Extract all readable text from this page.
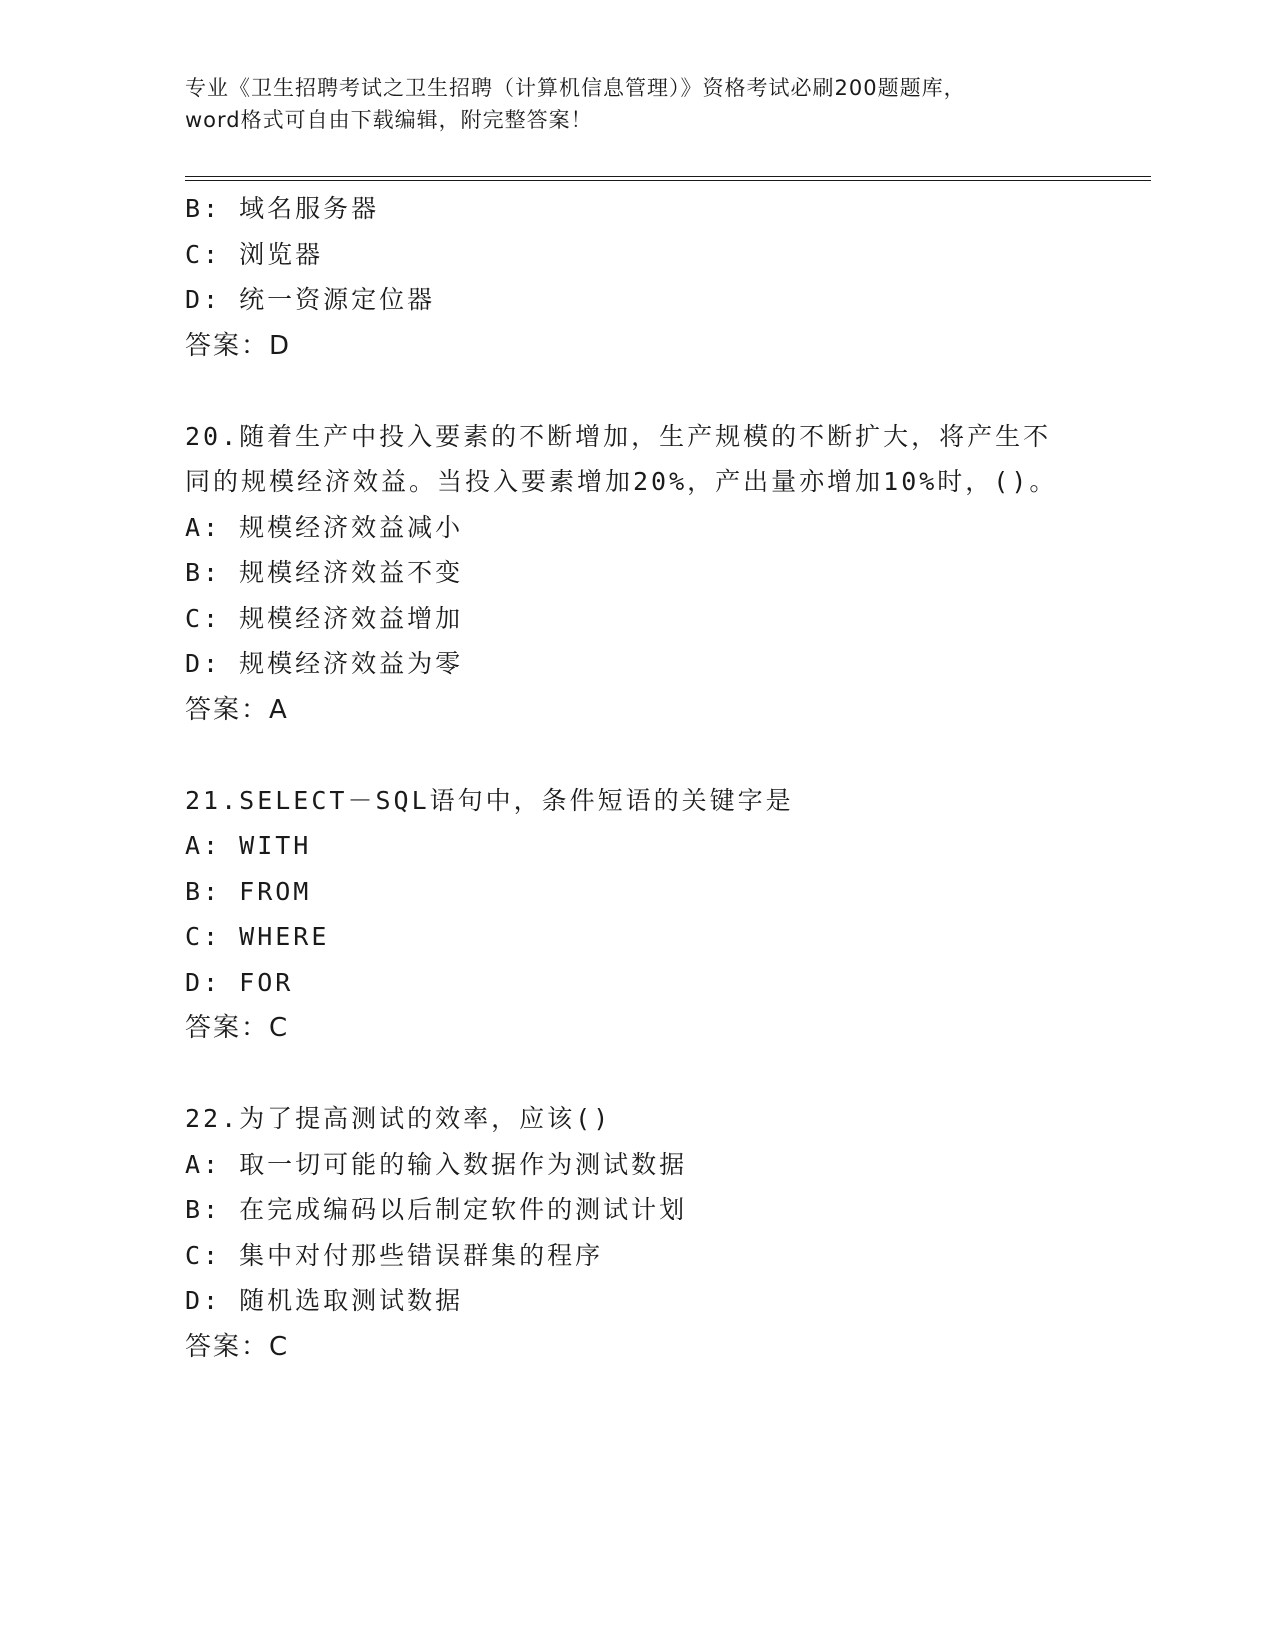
专业《卫生招聘考试之卫生招聘（计算机信息管理）》资格考试必刷200题题库，
word格式可自由下载编辑，附完整答案！
B: 域名服务器
C: 浏览器
D: 统一资源定位器
答案：D
20.随着生产中投入要素的不断增加，生产规模的不断扩大，将产生不
同的规模经济效益。当投入要素增加20%，产出量亦增加10%时，()。
A: 规模经济效益减小
B: 规模经济效益不变
C: 规模经济效益增加
D: 规模经济效益为零
答案：A
21.SELECT－SQL语句中，条件短语的关键字是
A: WITH
B: FROM
C: WHERE
D: FOR
答案：C
22.为了提高测试的效率，应该()
A: 取一切可能的输入数据作为测试数据
B: 在完成编码以后制定软件的测试计划
C: 集中对付那些错误群集的程序
D: 随机选取测试数据
答案：C
